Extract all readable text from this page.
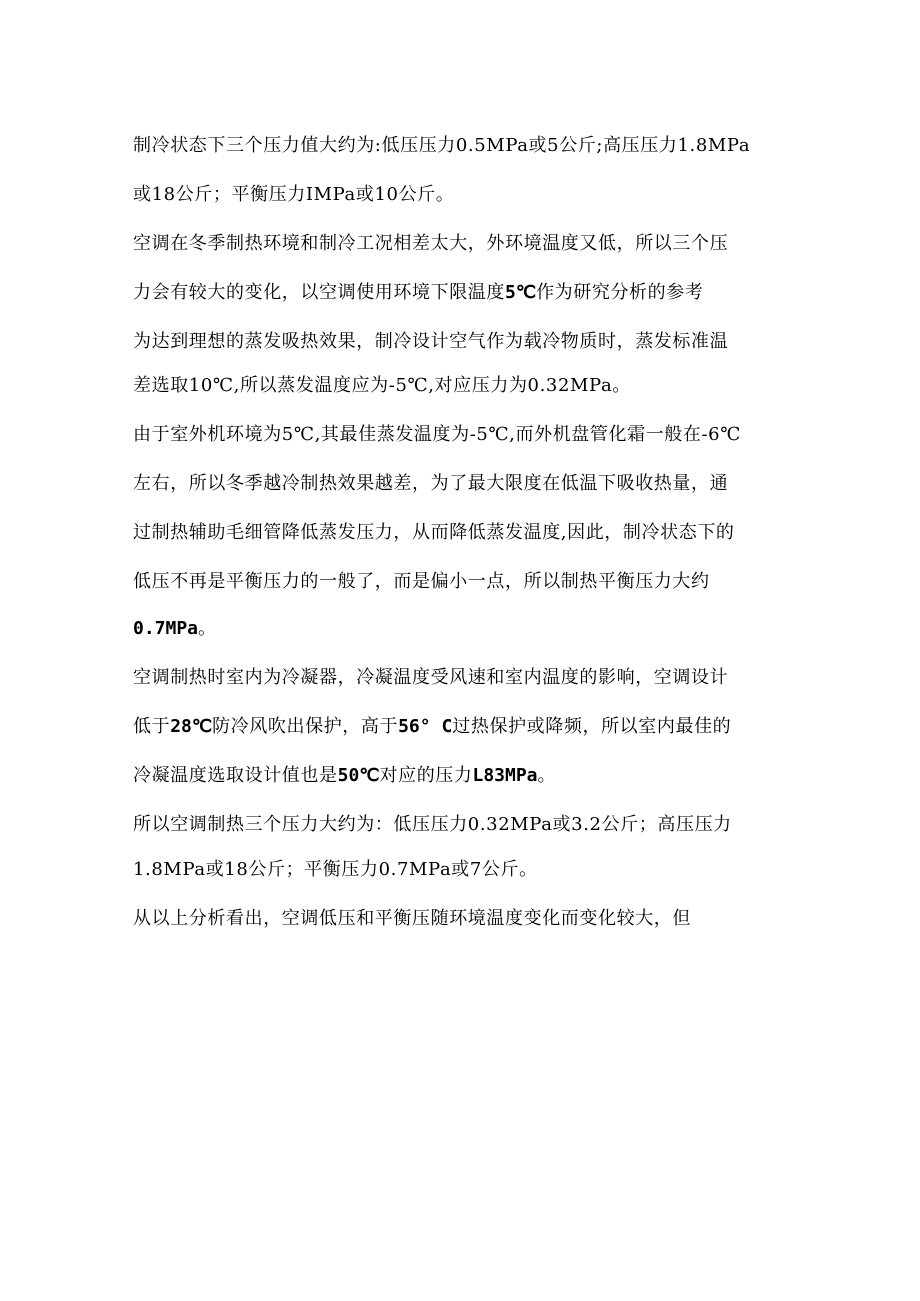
制冷状态下三个压力值大约为:低压压力0.5MPa或5公斤;高压压力1.8MPa
或18公斤；平衡压力IMPa或10公斤。
空调在冬季制热环境和制冷工况相差太大，外环境温度又低，所以三个压
力会有较大的变化，以空调使用环境下限温度5℃作为研究分析的参考
为达到理想的蒸发吸热效果，制冷设计空气作为载冷物质时，蒸发标准温
差选取10℃,所以蒸发温度应为-5℃,对应压力为0.32MPa。
由于室外机环境为5℃,其最佳蒸发温度为-5℃,而外机盘管化霜一般在-6℃
左右，所以冬季越冷制热效果越差，为了最大限度在低温下吸收热量，通
过制热辅助毛细管降低蒸发压力，从而降低蒸发温度,因此，制冷状态下的
低压不再是平衡压力的一般了，而是偏小一点，所以制热平衡压力大约
0.7MPa。
空调制热时室内为冷凝器，冷凝温度受风速和室内温度的影响，空调设计
低于28℃防冷风吹出保护，高于56° C过热保护或降频，所以室内最佳的
冷凝温度选取设计值也是50℃对应的压力L83MPa。
所以空调制热三个压力大约为：低压压力0.32MPa或3.2公斤；高压压力
1.8MPa或18公斤；平衡压力0.7MPa或7公斤。
从以上分析看出，空调低压和平衡压随环境温度变化而变化较大，但
